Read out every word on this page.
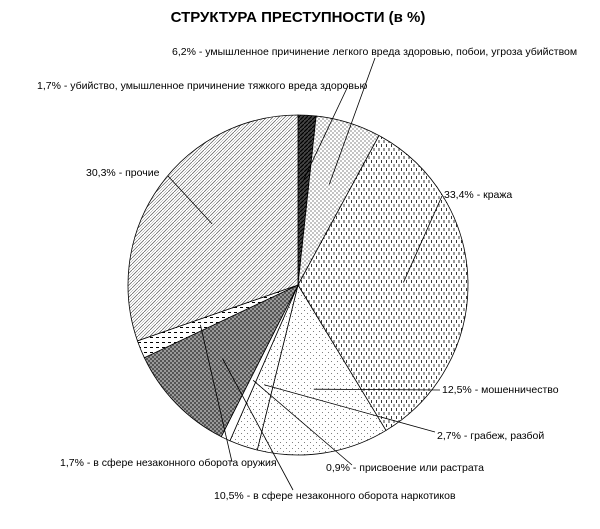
СТРУКТУРА ПРЕСТУПНОСТИ (в %)
1,7% - убийство, умышленное причинение тяжкого вреда здоровью
6,2% - умышленное причинение легкого вреда здоровью, побои, угроза убийством
33,4% - кража
12,5% - мошенничество
2,7% - грабеж, разбой
0,9% - присвоение или растрата
10,5% - в сфере незаконного оборота наркотиков
1,7% - в сфере незаконного оборота оружия
30,3% - прочие
